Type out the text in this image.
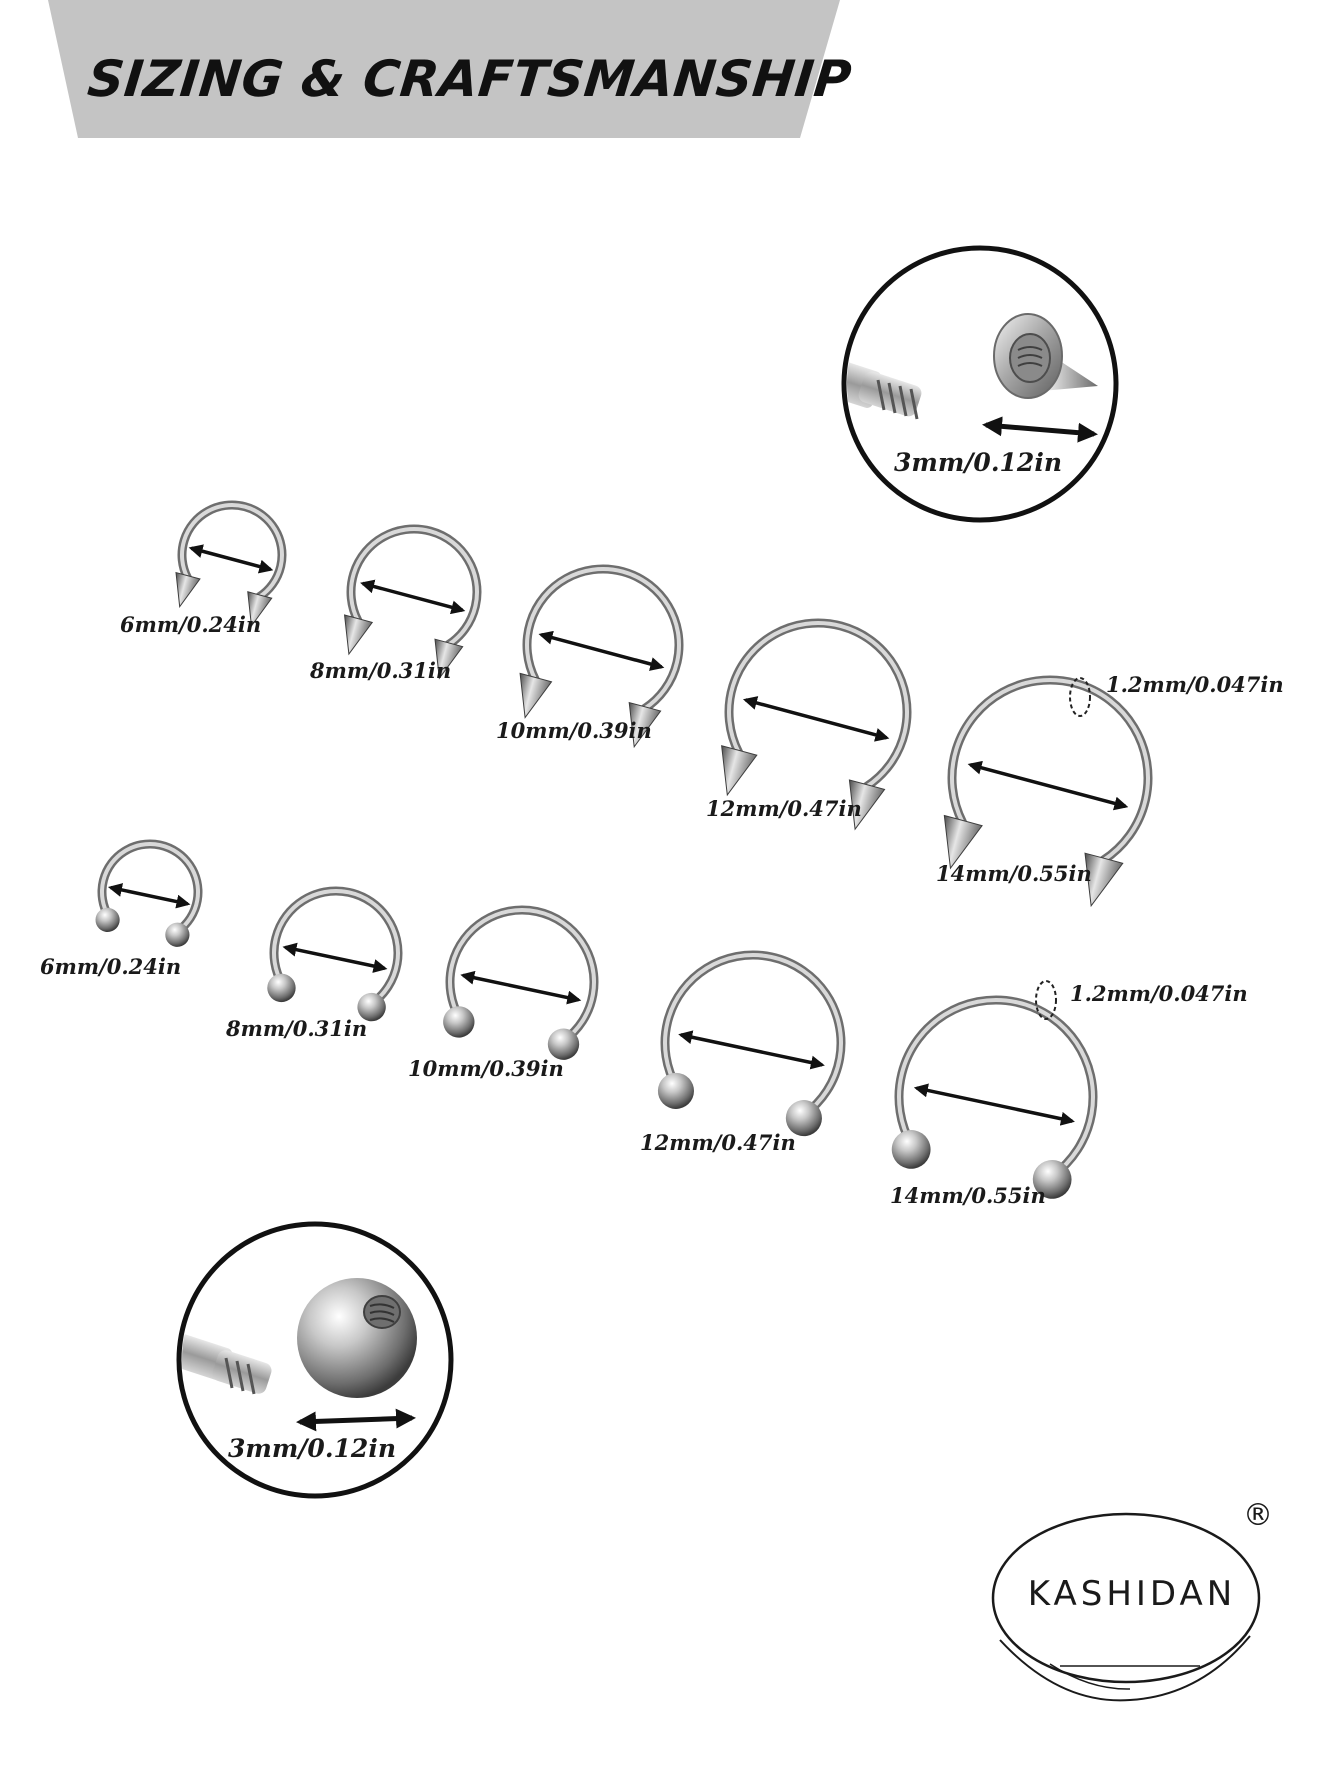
SIZING & CRAFTSMANSHIP
3mm/0.12in
3mm/0.12in
6mm/0.24in
8mm/0.31in
10mm/0.39in
12mm/0.47in
14mm/0.55in
1.2mm/0.047in
6mm/0.24in
8mm/0.31in
10mm/0.39in
12mm/0.47in
14mm/0.55in
1.2mm/0.047in
KASHIDAN
®
